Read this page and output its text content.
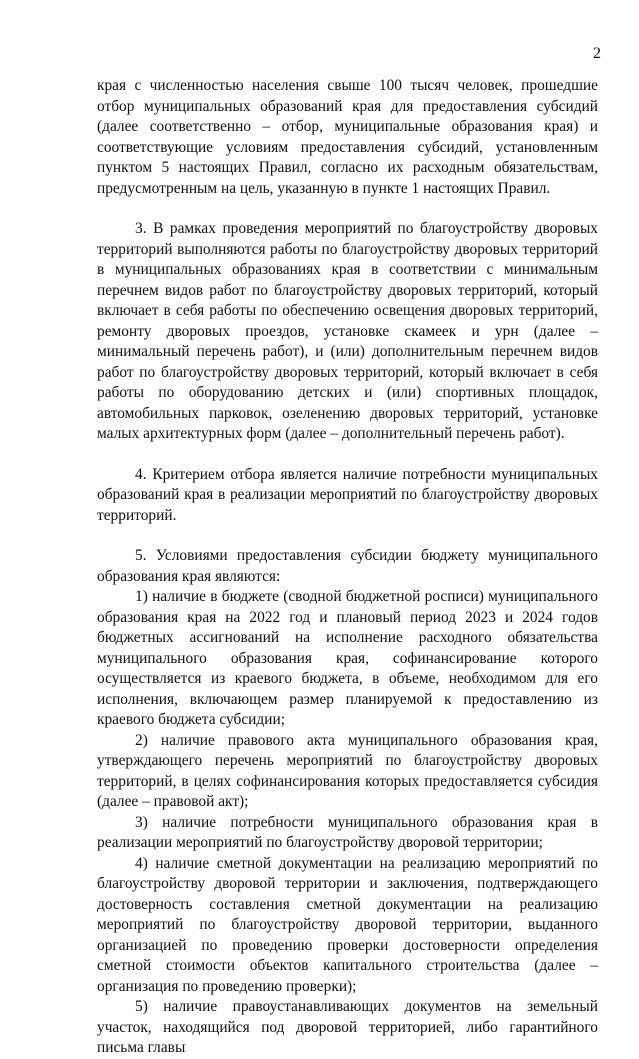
2

края с численностью населения свыше 100 тысяч человек, прошедшие отбор муниципальных образований края для предоставления субсидий (далее соответственно – отбор, муниципальные образования края) и соответствующие условиям предоставления субсидий, установленным пунктом 5 настоящих Правил, согласно их расходным обязательствам, предусмотренным на цель, указанную в пункте 1 настоящих Правил.

3. В рамках проведения мероприятий по благоустройству дворовых территорий выполняются работы по благоустройству дворовых территорий в муниципальных образованиях края в соответствии с минимальным перечнем видов работ по благоустройству дворовых территорий, который включает в себя работы по обеспечению освещения дворовых территорий, ремонту дворовых проездов, установке скамеек и урн (далее – минимальный перечень работ), и (или) дополнительным перечнем видов работ по благоустройству дворовых территорий, который включает в себя работы по оборудованию детских и (или) спортивных площадок, автомобильных парковок, озеленению дворовых территорий, установке малых архитектурных форм (далее – дополнительный перечень работ).

4. Критерием отбора является наличие потребности муниципальных образований края в реализации мероприятий по благоустройству дворовых территорий.

5. Условиями предоставления субсидии бюджету муниципального образования края являются:

1) наличие в бюджете (сводной бюджетной росписи) муниципального образования края на 2022 год и плановый период 2023 и 2024 годов бюджетных ассигнований на исполнение расходного обязательства муниципального образования края, софинансирование которого осуществляется из краевого бюджета, в объеме, необходимом для его исполнения, включающем размер планируемой к предоставлению из краевого бюджета субсидии;

2) наличие правового акта муниципального образования края, утверждающего перечень мероприятий по благоустройству дворовых территорий, в целях софинансирования которых предоставляется субсидия (далее – правовой акт);

3) наличие потребности муниципального образования края в реализации мероприятий по благоустройству дворовой территории;

4) наличие сметной документации на реализацию мероприятий по благоустройству дворовой территории и заключения, подтверждающего достоверность составления сметной документации на реализацию мероприятий по благоустройству дворовой территории, выданного организацией по проведению проверки достоверности определения сметной стоимости объектов капитального строительства (далее – организация по проведению проверки);

5) наличие правоустанавливающих документов на земельный участок, находящийся под дворовой территорией, либо гарантийного письма главы
